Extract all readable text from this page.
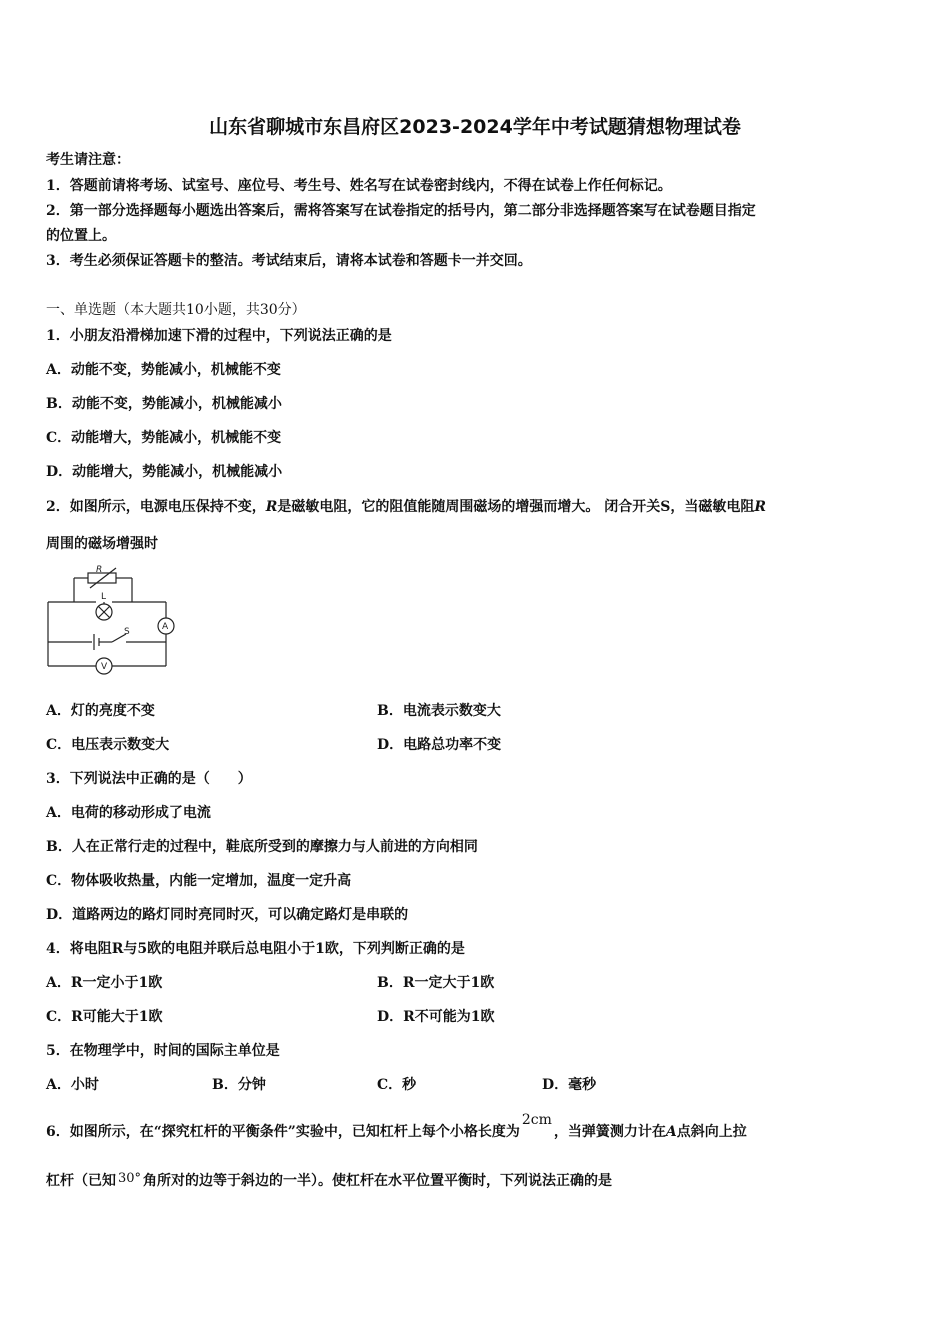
山东省聊城市东昌府区2023-2024学年中考试题猜想物理试卷
考生请注意：
1．答题前请将考场、试室号、座位号、考生号、姓名写在试卷密封线内，不得在试卷上作任何标记。
2．第一部分选择题每小题选出答案后，需将答案写在试卷指定的括号内，第二部分非选择题答案写在试卷题目指定
的位置上。
3．考生必须保证答题卡的整洁。考试结束后，请将本试卷和答题卡一并交回。
一、单选题（本大题共10小题，共30分）
1．小朋友沿滑梯加速下滑的过程中，下列说法正确的是
A．动能不变，势能减小，机械能不变
B．动能不变，势能减小，机械能减小
C．动能增大，势能减小，机械能不变
D．动能增大，势能减小，机械能减小
2．如图所示，电源电压保持不变，R是磁敏电阻，它的阻值能随周围磁场的增强而增大。 闭合开关S，当磁敏电阻R
周围的磁场增强时
R
L
A
S
V
A．灯的亮度不变	B．电流表示数变大
C．电压表示数变大	D．电路总功率不变
3．下列说法中正确的是（　　）
A．电荷的移动形成了电流
B．人在正常行走的过程中，鞋底所受到的摩擦力与人前进的方向相同
C．物体吸收热量，内能一定增加，温度一定升高
D．道路两边的路灯同时亮同时灭，可以确定路灯是串联的
4．将电阻R与5欧的电阻并联后总电阻小于1欧，下列判断正确的是
A．R一定小于1欧	B．R一定大于1欧
C．R可能大于1欧	D．R不可能为1欧
5．在物理学中，时间的国际主单位是
A．小时	B．分钟	C．秒	D．毫秒
6．如图所示，在“探究杠杆的平衡条件”实验中，已知杠杆上每个小格长度为2cm，当弹簧测力计在A点斜向上拉
杠杆（已知 30° 角所对的边等于斜边的一半）。使杠杆在水平位置平衡时，下列说法正确的是
